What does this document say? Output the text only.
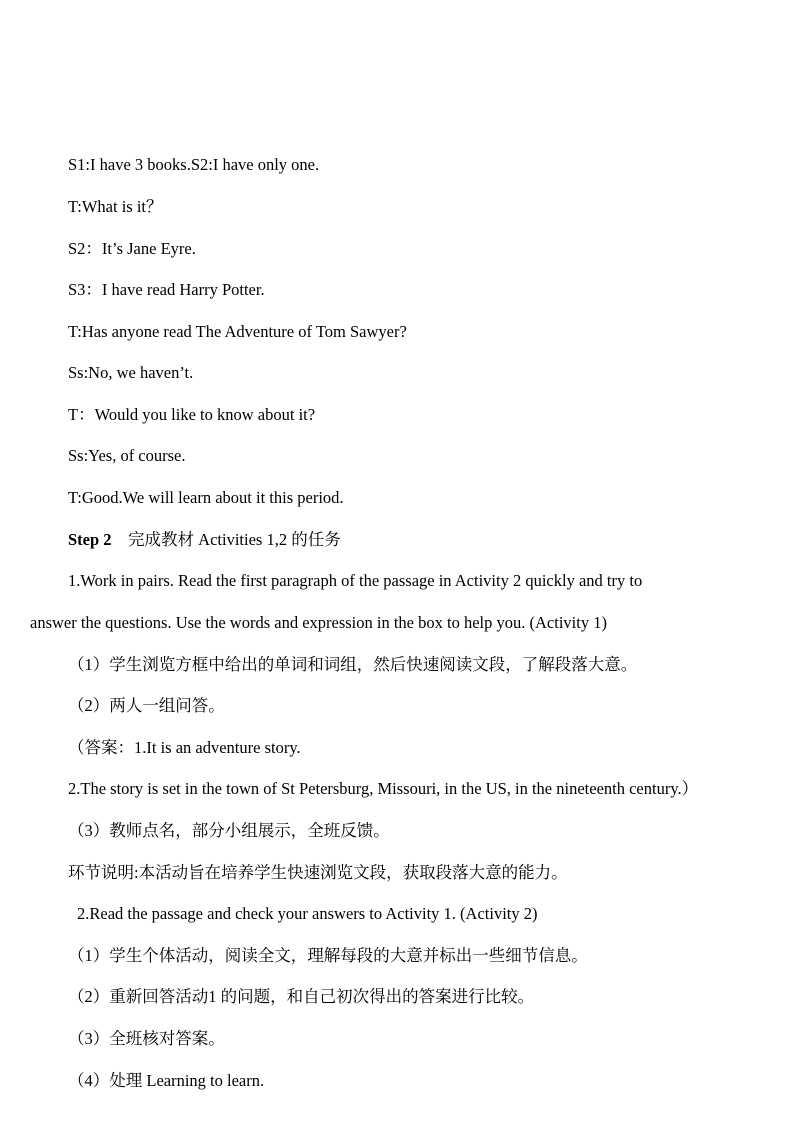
S1:I have 3 books.S2:I have only one.
T:What is it？
S2：It’s Jane Eyre.
S3：I have read Harry Potter.
T:Has anyone read The Adventure of Tom Sawyer?
Ss:No, we haven’t.
T：Would you like to know about it?
Ss:Yes, of course.
T:Good.We will learn about it this period.
Step 2 完成教材 Activities 1,2 的任务
1.Work in pairs. Read the first paragraph of the passage in Activity 2 quickly and try to
answer the questions. Use the words and expression in the box to help you. (Activity 1)
（1）学生浏览方框中给出的单词和词组，然后快速阅读文段，了解段落大意。
（2）两人一组问答。
（答案：1.It is an adventure story.
2.The story is set in the town of St Petersburg, Missouri, in the US, in the nineteenth century.）
（3）教师点名，部分小组展示，全班反馈。
环节说明:本活动旨在培养学生快速浏览文段，获取段落大意的能力。
2.Read the passage and check your answers to Activity 1. (Activity 2)
（1）学生个体活动，阅读全文，理解每段的大意并标出一些细节信息。
（2）重新回答活动1 的问题，和自己初次得出的答案进行比较。
（3）全班核对答案。
（4）处理 Learning to learn.
